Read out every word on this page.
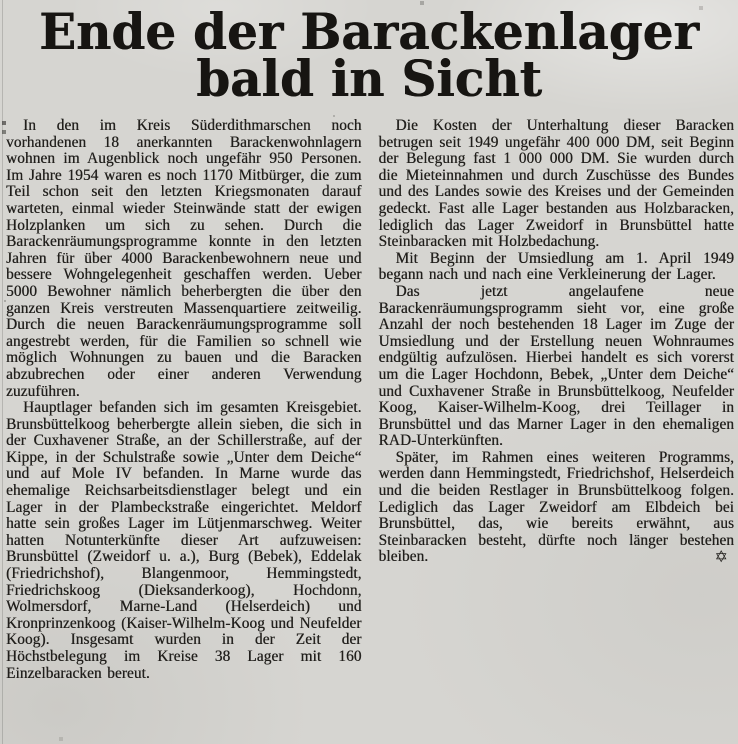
Ende der Barackenlager
bald in Sicht

In den im Kreis Süderdithmarschen noch vorhandenen 18 anerkannten Barackenwohnlagern wohnen im Augenblick noch ungefähr 950 Personen. Im Jahre 1954 waren es noch 1170 Mitbürger, die zum Teil schon seit den letzten Kriegsmonaten darauf warteten, einmal wieder Steinwände statt der ewigen Holzplanken um sich zu sehen. Durch die Barackenräumungsprogramme konnte in den letzten Jahren für über 4000 Barackenbewohnern neue und bessere Wohngelegenheit geschaffen werden. Ueber 5000 Bewohner nämlich beherbergten die über den ganzen Kreis verstreuten Massenquartiere zeitweilig. Durch die neuen Barackenräumungsprogramme soll angestrebt werden, für die Familien so schnell wie möglich Wohnungen zu bauen und die Baracken abzubrechen oder einer anderen Verwendung zuzuführen.

Hauptlager befanden sich im gesamten Kreisgebiet. Brunsbüttelkoog beherbergte allein sieben, die sich in der Cuxhavener Straße, an der Schillerstraße, auf der Kippe, in der Schulstraße sowie „Unter dem Deiche“ und auf Mole IV befanden. In Marne wurde das ehemalige Reichsarbeitsdienstlager belegt und ein Lager in der Plambeckstraße eingerichtet. Meldorf hatte sein großes Lager im Lütjenmarschweg. Weiter hatten Notunterkünfte dieser Art aufzuweisen: Brunsbüttel (Zweidorf u. a.), Burg (Bebek), Eddelak (Friedrichshof), Blangenmoor, Hemmingstedt, Friedrichskoog (Dieksanderkoog), Hochdonn, Wolmersdorf, Marne-Land (Helserdeich) und Kronprinzenkoog (Kaiser-Wilhelm-Koog und Neufelder Koog). Insgesamt wurden in der Zeit der Höchstbelegung im Kreise 38 Lager mit 160 Einzelbaracken bereut.

Die Kosten der Unterhaltung dieser Baracken betrugen seit 1949 ungefähr 400 000 DM, seit Beginn der Belegung fast 1 000 000 DM. Sie wurden durch die Mieteinnahmen und durch Zuschüsse des Bundes und des Landes sowie des Kreises und der Gemeinden gedeckt. Fast alle Lager bestanden aus Holzbaracken, lediglich das Lager Zweidorf in Brunsbüttel hatte Steinbaracken mit Holzbedachung.

Mit Beginn der Umsiedlung am 1. April 1949 begann nach und nach eine Verkleinerung der Lager.

Das jetzt angelaufene neue Barackenräumungsprogramm sieht vor, eine große Anzahl der noch bestehenden 18 Lager im Zuge der Umsiedlung und der Erstellung neuen Wohnraumes endgültig aufzulösen. Hierbei handelt es sich vorerst um die Lager Hochdonn, Bebek, „Unter dem Deiche“ und Cuxhavener Straße in Brunsbüttelkoog, Neufelder Koog, Kaiser-Wilhelm-Koog, drei Teillager in Brunsbüttel und das Marner Lager in den ehemaligen RAD-Unterkünften.

Später, im Rahmen eines weiteren Programms, werden dann Hemmingstedt, Friedrichshof, Helserdeich und die beiden Restlager in Brunsbüttelkoog folgen. Lediglich das Lager Zweidorf am Elbdeich bei Brunsbüttel, das, wie bereits erwähnt, aus Steinbaracken besteht, dürfte noch länger bestehen bleiben.	✡
